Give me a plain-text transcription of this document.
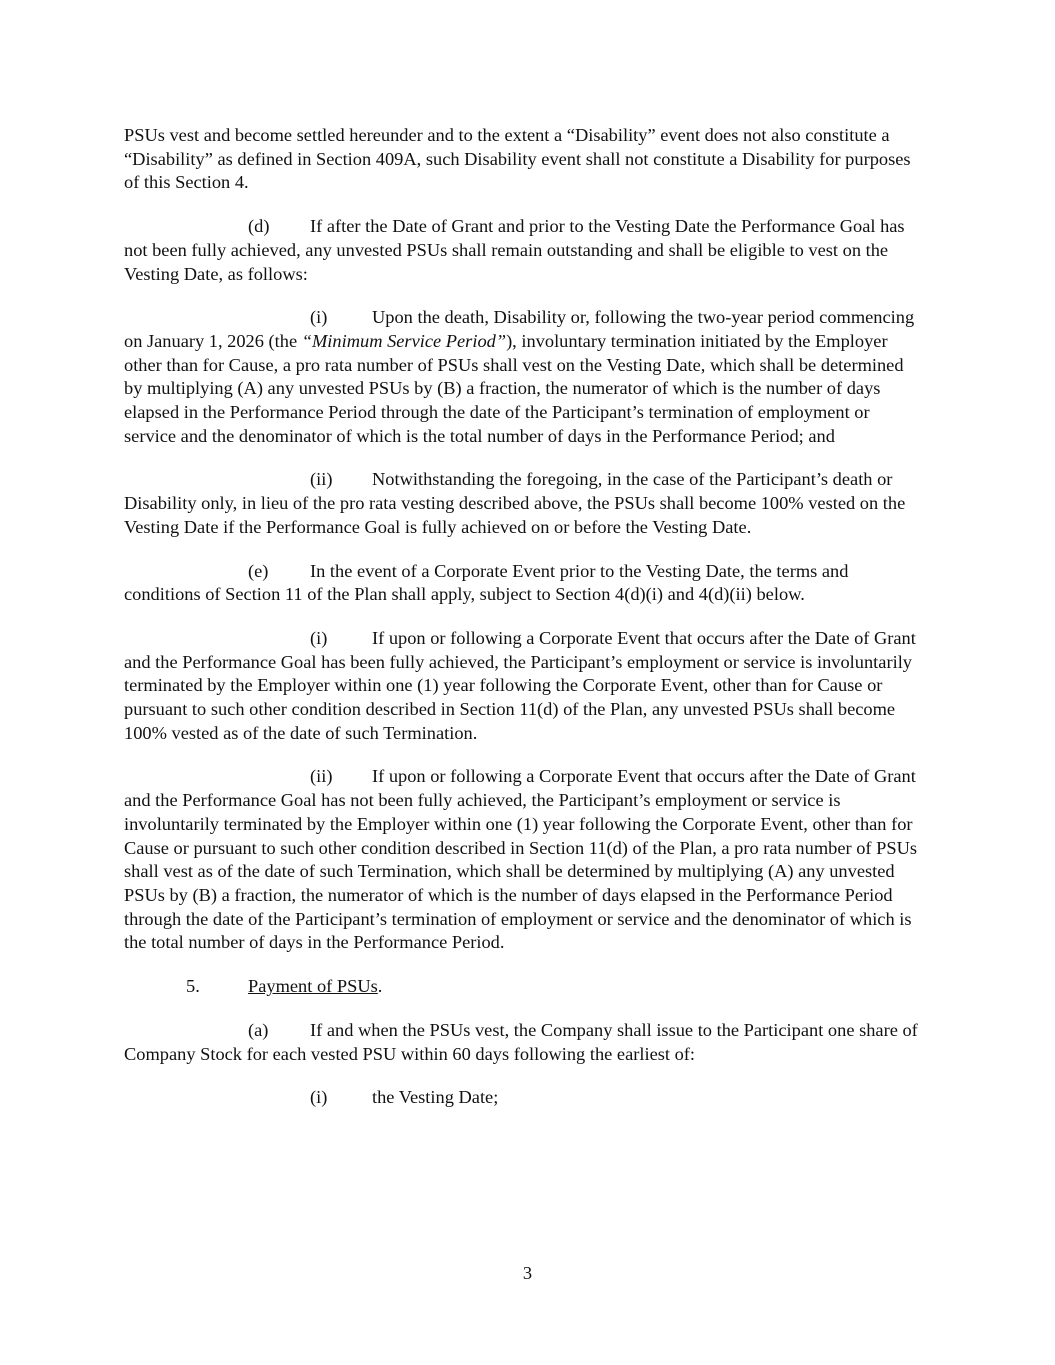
PSUs vest and become settled hereunder and to the extent a “Disability” event does not also constitute a “Disability” as defined in Section 409A, such Disability event shall not constitute a Disability for purposes of this Section 4.

(d) If after the Date of Grant and prior to the Vesting Date the Performance Goal has not been fully achieved, any unvested PSUs shall remain outstanding and shall be eligible to vest on the Vesting Date, as follows:

(i) Upon the death, Disability or, following the two-year period commencing on January 1, 2026 (the “Minimum Service Period”), involuntary termination initiated by the Employer other than for Cause, a pro rata number of PSUs shall vest on the Vesting Date, which shall be determined by multiplying (A) any unvested PSUs by (B) a fraction, the numerator of which is the number of days elapsed in the Performance Period through the date of the Participant’s termination of employment or service and the denominator of which is the total number of days in the Performance Period; and

(ii) Notwithstanding the foregoing, in the case of the Participant’s death or Disability only, in lieu of the pro rata vesting described above, the PSUs shall become 100% vested on the Vesting Date if the Performance Goal is fully achieved on or before the Vesting Date.

(e) In the event of a Corporate Event prior to the Vesting Date, the terms and conditions of Section 11 of the Plan shall apply, subject to Section 4(d)(i) and 4(d)(ii) below.

(i) If upon or following a Corporate Event that occurs after the Date of Grant and the Performance Goal has been fully achieved, the Participant’s employment or service is involuntarily terminated by the Employer within one (1) year following the Corporate Event, other than for Cause or pursuant to such other condition described in Section 11(d) of the Plan, any unvested PSUs shall become 100% vested as of the date of such Termination.

(ii) If upon or following a Corporate Event that occurs after the Date of Grant and the Performance Goal has not been fully achieved, the Participant’s employment or service is involuntarily terminated by the Employer within one (1) year following the Corporate Event, other than for Cause or pursuant to such other condition described in Section 11(d) of the Plan, a pro rata number of PSUs shall vest as of the date of such Termination, which shall be determined by multiplying (A) any unvested PSUs by (B) a fraction, the numerator of which is the number of days elapsed in the Performance Period through the date of the Participant’s termination of employment or service and the denominator of which is the total number of days in the Performance Period.

5.	Payment of PSUs.

(a) If and when the PSUs vest, the Company shall issue to the Participant one share of Company Stock for each vested PSU within 60 days following the earliest of:

(i) the Vesting Date;

3
